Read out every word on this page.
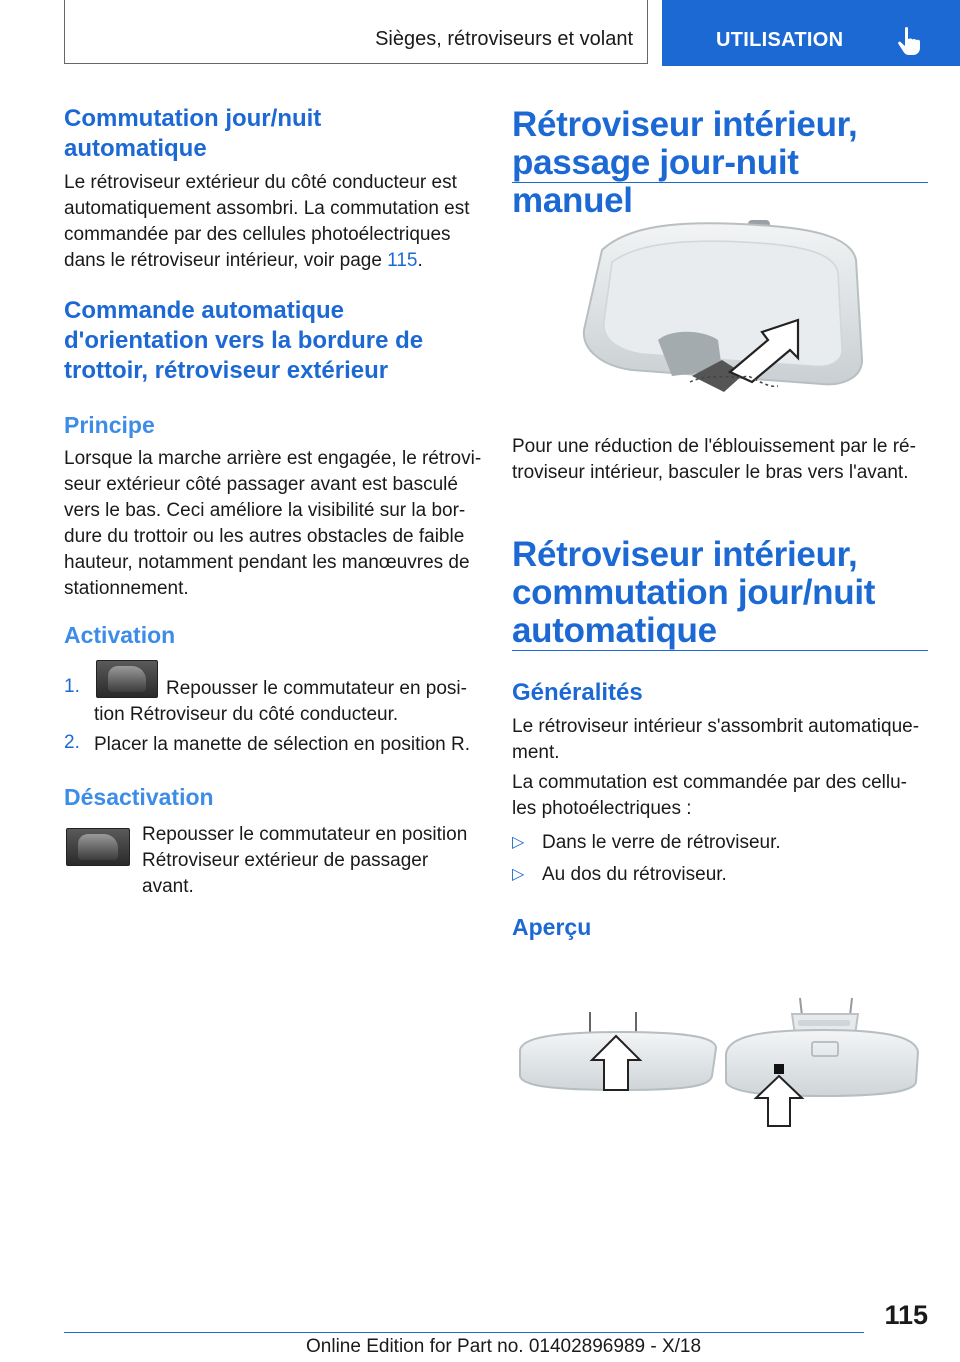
Sièges, rétroviseurs et volant	UTILISATION
Commutation jour/nuit
automatique

Le rétroviseur extérieur du côté conducteur est
automatiquement assombri. La commutation est
commandée par des cellules photoélectriques
dans le rétroviseur intérieur, voir page 115.

Commande automatique
d'orientation vers la bordure de
trottoir, rétroviseur extérieur
Principe

Lorsque la marche arrière est engagée, le rétrovi‐
seur extérieur côté passager avant est basculé
vers le bas. Ceci améliore la visibilité sur la bor‐
dure du trottoir ou les autres obstacles de faible
hauteur, notamment pendant les manœuvres de
stationnement.

Activation
1.	Repousser le commutateur en posi‐
tion Rétroviseur du côté conducteur.

2. Placer la manette de sélection en position R.

Désactivation

Repousser le commutateur en position
Rétroviseur extérieur de passager avant.

Rétroviseur intérieur,
passage jour-nuit manuel

Pour une réduction de l'éblouissement par le ré‐
troviseur intérieur, basculer le bras vers l'avant.

Rétroviseur intérieur,
commutation jour/nuit
automatique
Généralités

Le rétroviseur intérieur s'assombrit automatique‐
ment.

La commutation est commandée par des cellu‐
les photoélectriques :

▷ Dans le verre de rétroviseur.
▷ Au dos du rétroviseur.
Aperçu
115
Online Edition for Part no. 01402896989 - X/18
